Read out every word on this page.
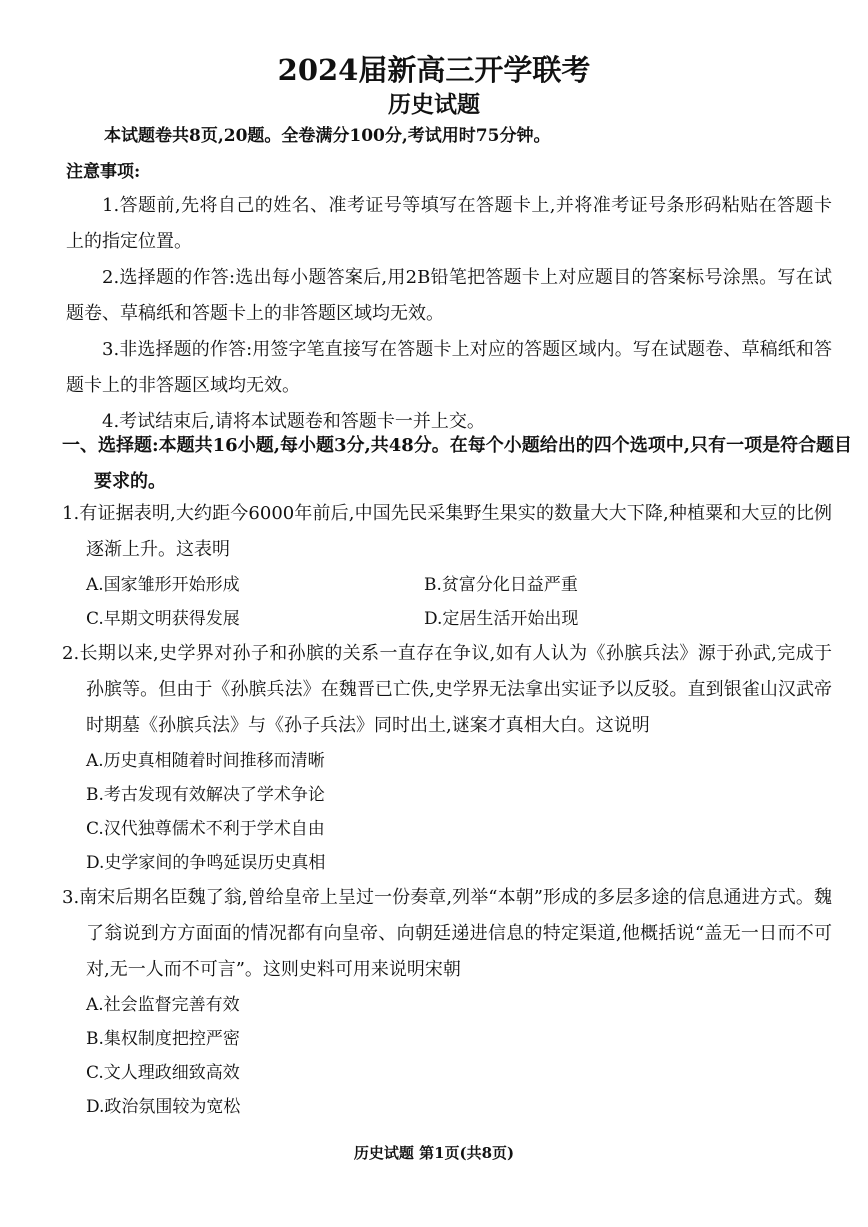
2024届新高三开学联考
历史试题
本试题卷共8页,20题。全卷满分100分,考试用时75分钟。
注意事项:

1.答题前,先将自己的姓名、准考证号等填写在答题卡上,并将准考证号条形码粘贴在答题卡上的指定位置。

2.选择题的作答:选出每小题答案后,用2B铅笔把答题卡上对应题目的答案标号涂黑。写在试题卷、草稿纸和答题卡上的非答题区域均无效。

3.非选择题的作答:用签字笔直接写在答题卡上对应的答题区域内。写在试题卷、草稿纸和答题卡上的非答题区域均无效。

4.考试结束后,请将本试题卷和答题卡一并上交。

一、选择题:本题共16小题,每小题3分,共48分。在每个小题给出的四个选项中,只有一项是符合题目要求的。

1.有证据表明,大约距今6000年前后,中国先民采集野生果实的数量大大下降,种植粟和大豆的比例逐渐上升。这表明

A.国家雏形开始形成	B.贫富分化日益严重

C.早期文明获得发展	D.定居生活开始出现

2.长期以来,史学界对孙子和孙膑的关系一直存在争议,如有人认为《孙膑兵法》源于孙武,完成于孙膑等。但由于《孙膑兵法》在魏晋已亡佚,史学界无法拿出实证予以反驳。直到银雀山汉武帝时期墓《孙膑兵法》与《孙子兵法》同时出土,谜案才真相大白。这说明

A.历史真相随着时间推移而清晰

B.考古发现有效解决了学术争论

C.汉代独尊儒术不利于学术自由

D.史学家间的争鸣延误历史真相

3.南宋后期名臣魏了翁,曾给皇帝上呈过一份奏章,列举“本朝”形成的多层多途的信息通进方式。魏了翁说到方方面面的情况都有向皇帝、向朝廷递进信息的特定渠道,他概括说“盖无一日而不可对,无一人而不可言”。这则史料可用来说明宋朝

A.社会监督完善有效

B.集权制度把控严密

C.文人理政细致高效

D.政治氛围较为宽松

历史试题 第1页(共8页)
